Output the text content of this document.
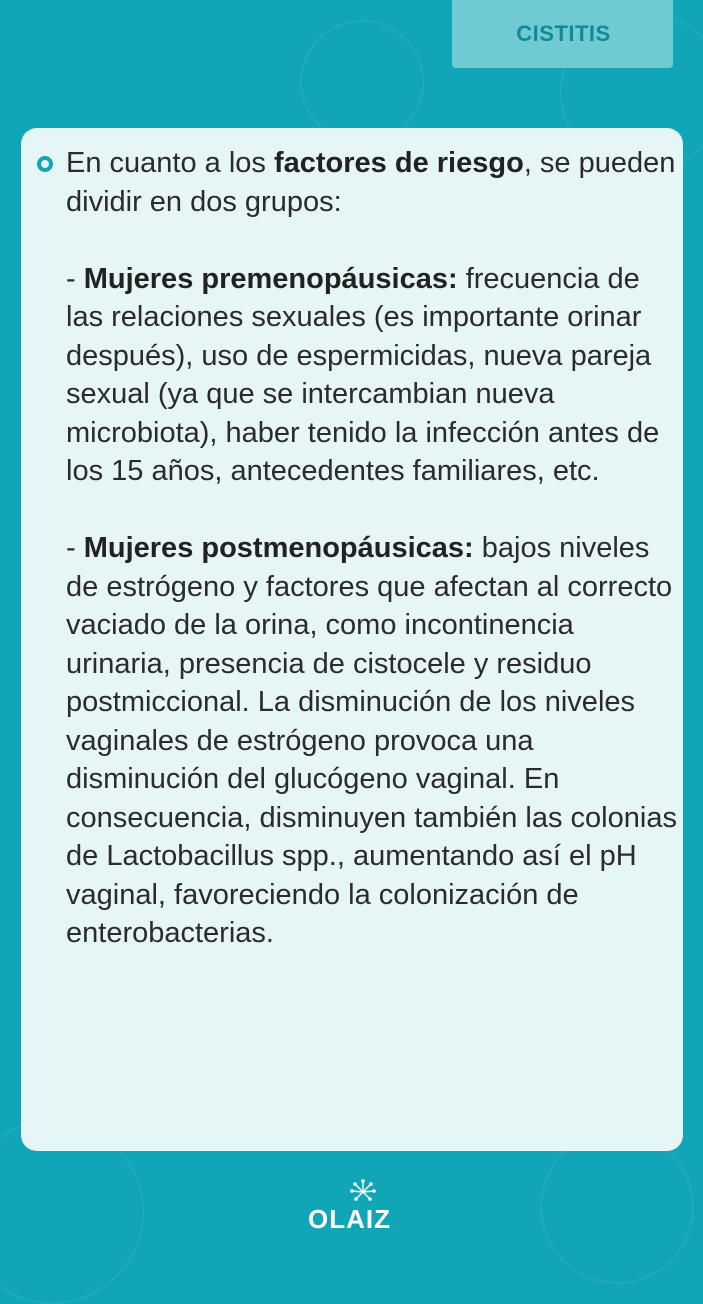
CISTITIS

En cuanto a los factores de riesgo, se pueden dividir en dos grupos:

- Mujeres premenopáusicas: frecuencia de las relaciones sexuales (es importante orinar después), uso de espermicidas, nueva pareja sexual (ya que se intercambian nueva microbiota), haber tenido la infección antes de los 15 años, antecedentes familiares, etc.

- Mujeres postmenopáusicas: bajos niveles de estrógeno y factores que afectan al correcto vaciado de la orina, como incontinencia urinaria, presencia de cistocele y residuo postmiccional. La disminución de los niveles vaginales de estrógeno provoca una disminución del glucógeno vaginal. En consecuencia, disminuyen también las colonias de Lactobacillus spp., aumentando así el pH vaginal, favoreciendo la colonización de enterobacterias.

OLAIZ
